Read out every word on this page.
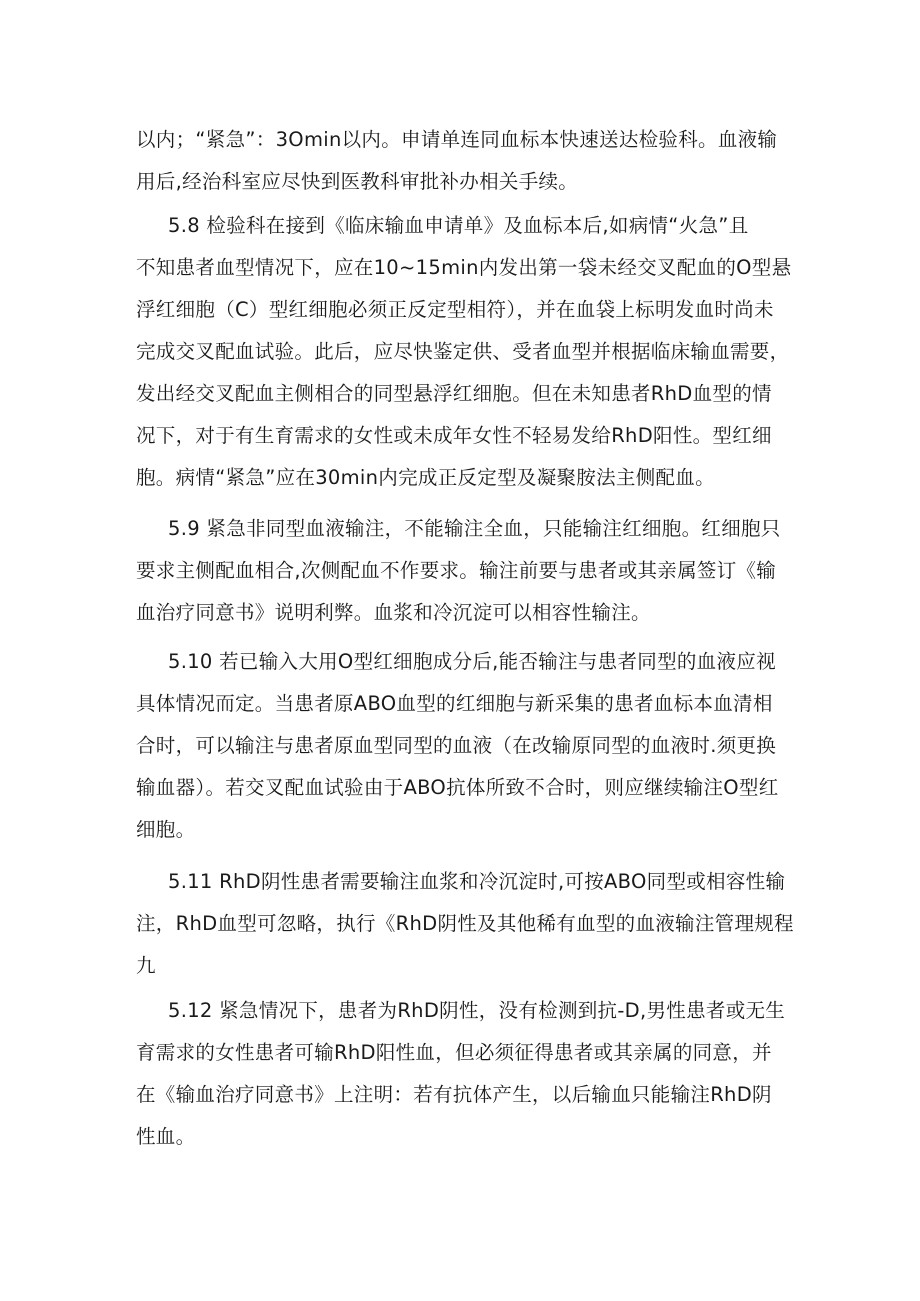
以内；“紧急”：3Omin以内。申请单连同血标本快速送达检验科。血液输
用后,经治科室应尽快到医教科审批补办相关手续。
5.8 检验科在接到《临床输血申请单》及血标本后,如病情“火急”且
不知患者血型情况下，应在10~15min内发出第一袋未经交叉配血的O型悬
浮红细胞（C）型红细胞必须正反定型相符），并在血袋上标明发血时尚未
完成交叉配血试验。此后，应尽快鉴定供、受者血型并根据临床输血需要，
发出经交叉配血主侧相合的同型悬浮红细胞。但在未知患者RhD血型的情
况下，对于有生育需求的女性或未成年女性不轻易发给RhD阳性。型红细
胞。病情“紧急”应在30min内完成正反定型及凝聚胺法主侧配血。
5.9 紧急非同型血液输注，不能输注全血，只能输注红细胞。红细胞只
要求主侧配血相合,次侧配血不作要求。输注前要与患者或其亲属签订《输
血治疗同意书》说明利弊。血浆和冷沉淀可以相容性输注。
5.10 若已输入大用O型红细胞成分后,能否输注与患者同型的血液应视
具体情况而定。当患者原ABO血型的红细胞与新采集的患者血标本血清相
合时，可以输注与患者原血型同型的血液（在改输原同型的血液时.须更换
输血器）。若交叉配血试验由于ABO抗体所致不合时，则应继续输注O型红
细胞。
5.11 RhD阴性患者需要输注血浆和冷沉淀时,可按ABO同型或相容性输
注，RhD血型可忽略，执行《RhD阴性及其他稀有血型的血液输注管理规程
九
5.12 紧急情况下，患者为RhD阴性，没有检测到抗-D,男性患者或无生
育需求的女性患者可输RhD阳性血，但必须征得患者或其亲属的同意，并
在《输血治疗同意书》上注明：若有抗体产生，以后输血只能输注RhD阴
性血。
